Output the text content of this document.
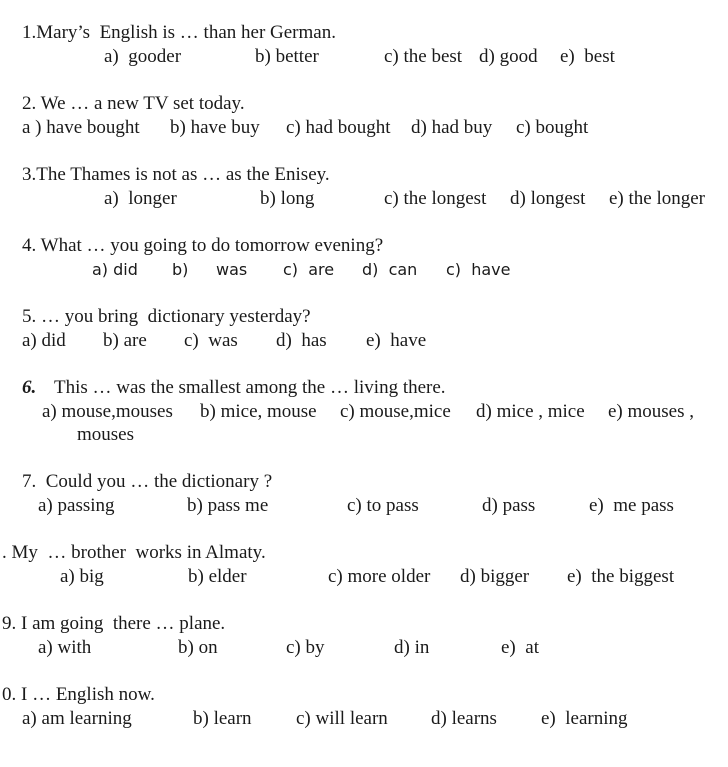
1.Mary’s  English is … than her German.
a)  gooder	b) better	c) the best d) good e)  best
2. We … a new TV set today.
a ) have bought b) have buy c) had bought d) had buy c) bought
3.The Thames is not as … as the Enisey.
a)  longer	b) long	c) the longest d) longest e) the longer
4. What … you going to do tomorrow evening?
a) did b) was c)  are d)  can c)  have
5. … you bring  dictionary yesterday?
a) did b) are c)  was d)  has e)  have
6. This … was the smallest among the … living there.
a) mouse,mouses b) mice, mouse c) mouse,mice d) mice , mice e) mouses ,
mouses
7.  Could you … the dictionary ?
a) passing	b) pass me	c) to pass	d) pass	e)  me pass
. My  … brother  works in Almaty.
a) big	b) elder	c) more older d) bigger e)  the biggest
9. I am going  there … plane.
a) with	b) on	c) by	d) in	e)  at
0. I … English now.
a) am learning	b) learn c) will learn d) learns e)  learning
